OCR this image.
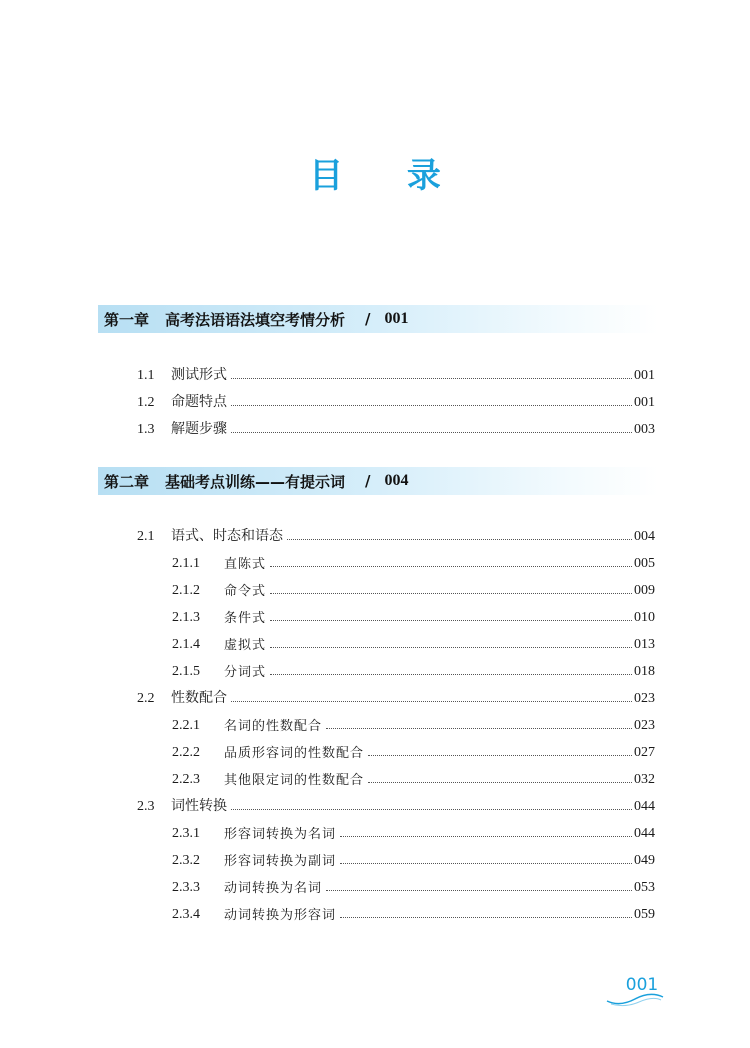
目 录
第一章 高考法语语法填空考情分析 / 001
1.1 测试形式	001
1.2 命题特点	001
1.3 解题步骤	003
第二章 基础考点训练——有提示词 / 004
2.1 语式、时态和语态	004
2.1.1	直陈式	005
2.1.2	命令式	009
2.1.3	条件式	010
2.1.4	虚拟式	013
2.1.5	分词式	018
2.2 性数配合	023
2.2.1	名词的性数配合	023
2.2.2	品质形容词的性数配合	027
2.2.3	其他限定词的性数配合	032
2.3 词性转换	044
2.3.1	形容词转换为名词	044
2.3.2	形容词转换为副词	049
2.3.3	动词转换为名词	053
2.3.4	动词转换为形容词	059
001
